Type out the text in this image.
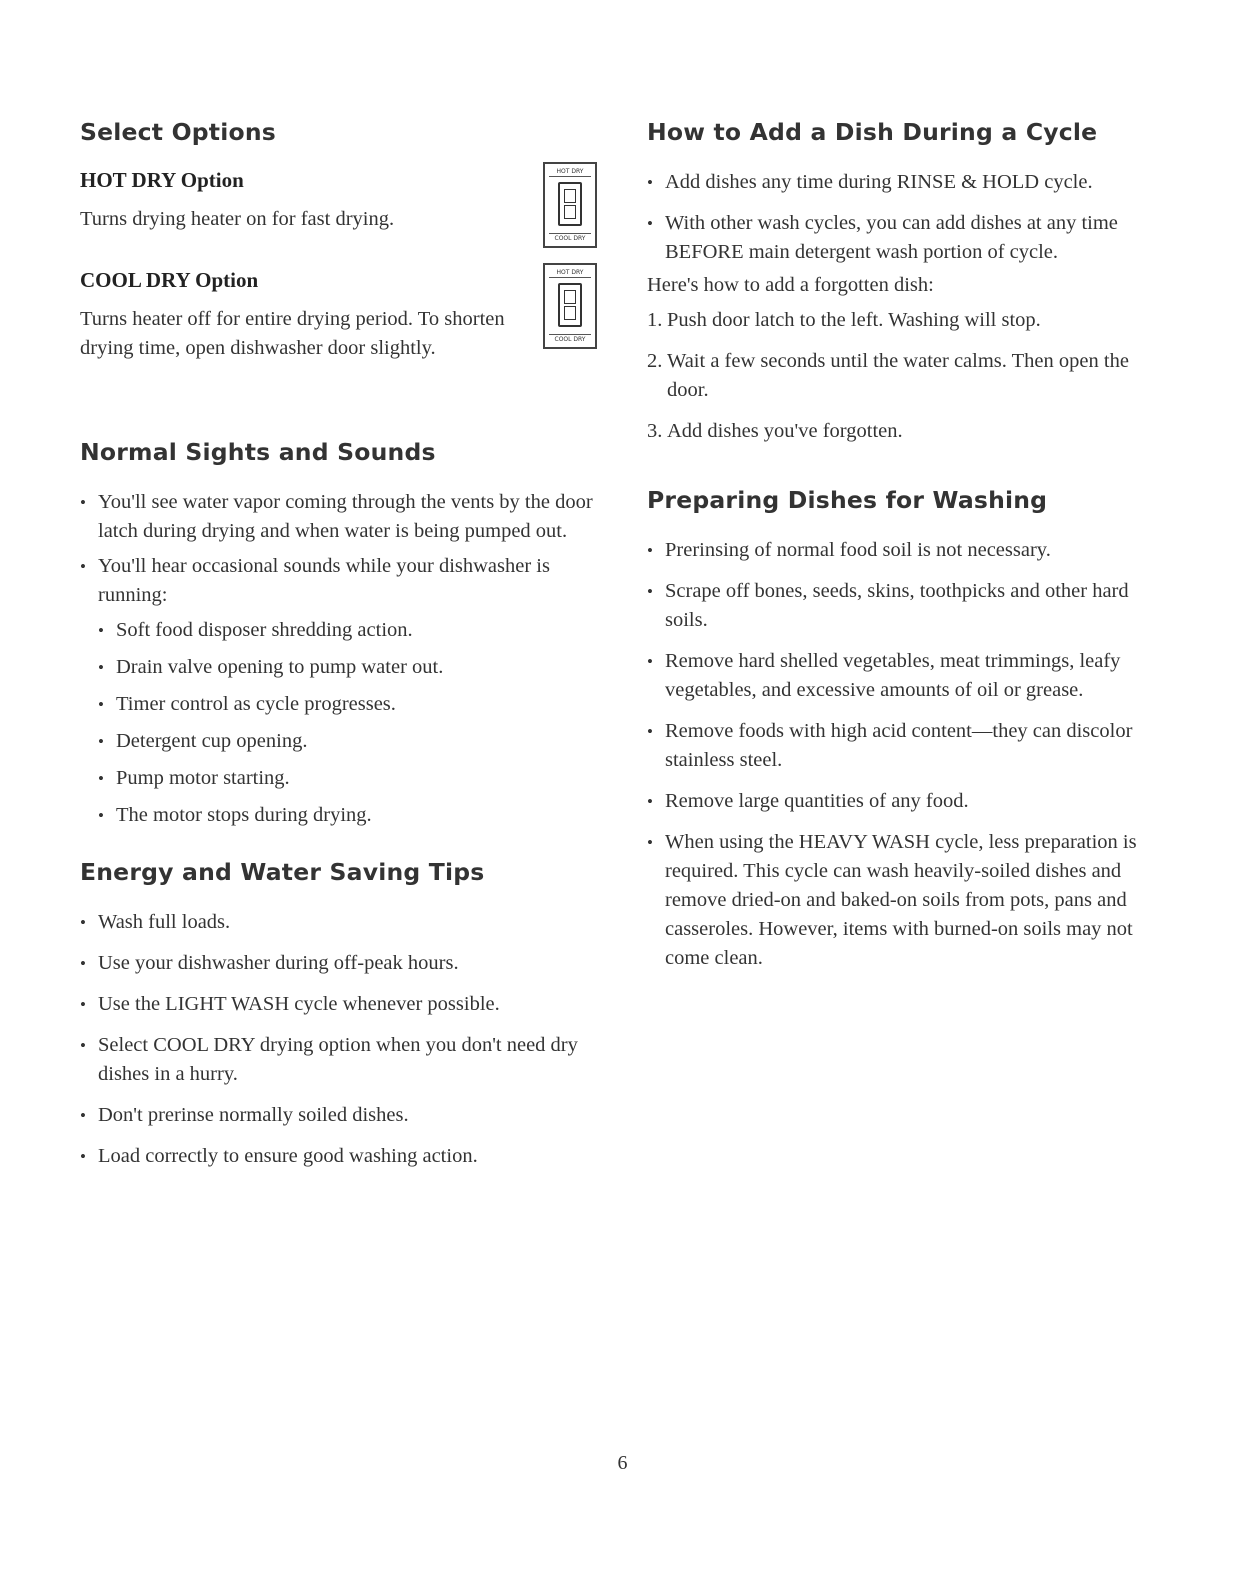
Select Options
HOT DRY Option

Turns drying heater on for fast drying.

HOT DRY
COOL DRY
COOL DRY Option

Turns heater off for entire drying period. To shorten drying time, open dishwasher door slightly.

HOT DRY
COOL DRY
Normal Sights and Sounds
• You'll see water vapor coming through the vents by the door latch during drying and when water is being pumped out.
• You'll hear occasional sounds while your dishwasher is running:
• Soft food disposer shredding action.
• Drain valve opening to pump water out.
• Timer control as cycle progresses.
• Detergent cup opening.
• Pump motor starting.
• The motor stops during drying.
Energy and Water Saving Tips
• Wash full loads.
• Use your dishwasher during off-peak hours.
• Use the LIGHT WASH cycle whenever possible.
• Select COOL DRY drying option when you don't need dry dishes in a hurry.
• Don't prerinse normally soiled dishes.
• Load correctly to ensure good washing action.
How to Add a Dish During a Cycle
• Add dishes any time during RINSE & HOLD cycle.
• With other wash cycles, you can add dishes at any time BEFORE main detergent wash portion of cycle.

Here's how to add a forgotten dish:

1. Push door latch to the left. Washing will stop.
2. Wait a few seconds until the water calms. Then open the door.
3. Add dishes you've forgotten.
Preparing Dishes for Washing
• Prerinsing of normal food soil is not necessary.
• Scrape off bones, seeds, skins, toothpicks and other hard soils.
• Remove hard shelled vegetables, meat trimmings, leafy vegetables, and excessive amounts of oil or grease.
• Remove foods with high acid content—they can discolor stainless steel.
• Remove large quantities of any food.
• When using the HEAVY WASH cycle, less preparation is required. This cycle can wash heavily-soiled dishes and remove dried-on and baked-on soils from pots, pans and casseroles. However, items with burned-on soils may not come clean.
6
